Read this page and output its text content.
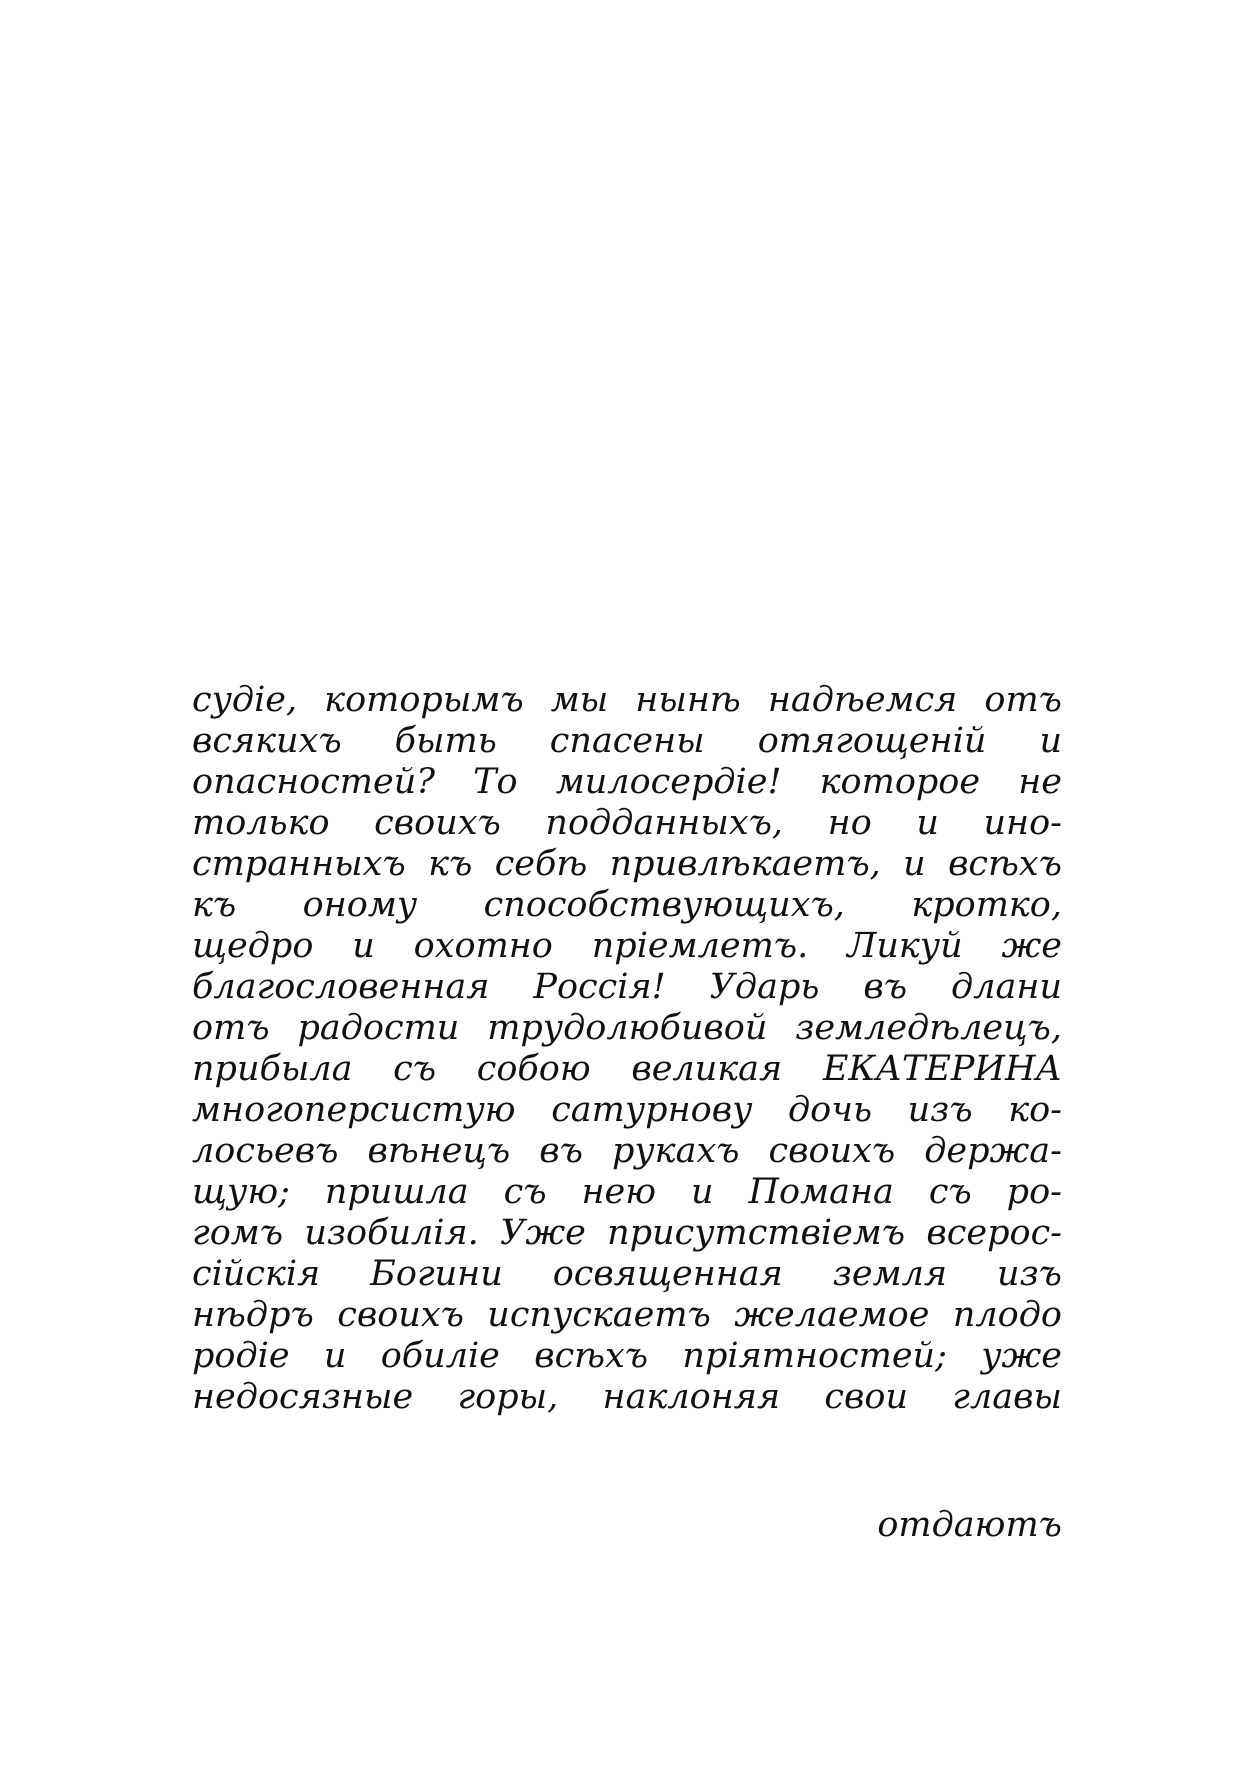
судіе, которымъ мы нынѣ надѣемся отъ
всякихъ быть спасены отягощеній и
опасностей? То милосердіе! которое не
только своихъ подданныхъ, но и ино-
странныхъ къ себѣ привлѣкаетъ, и всѣхъ
къ оному способствующихъ, кротко,
щедро и охотно пріемлетъ. Ликуй же
благословенная Россія! Ударь въ длани
отъ радости трудолюбивой земледѣлецъ,
прибыла съ собою великая ЕКАТЕРИНА
многоперсистую сатурнову дочь изъ ко-
лосьевъ вѣнецъ въ рукахъ своихъ держа-
щую; пришла съ нею и Помана съ ро-
гомъ изобилія. Уже присутствіемъ всерос-
сійскія Богини освященная земля изъ
нѣдръ своихъ испускаетъ желаемое плодо
родіе и обиліе всѣхъ пріятностей; уже
недосязные горы, наклоняя свои главы
отдаютъ
